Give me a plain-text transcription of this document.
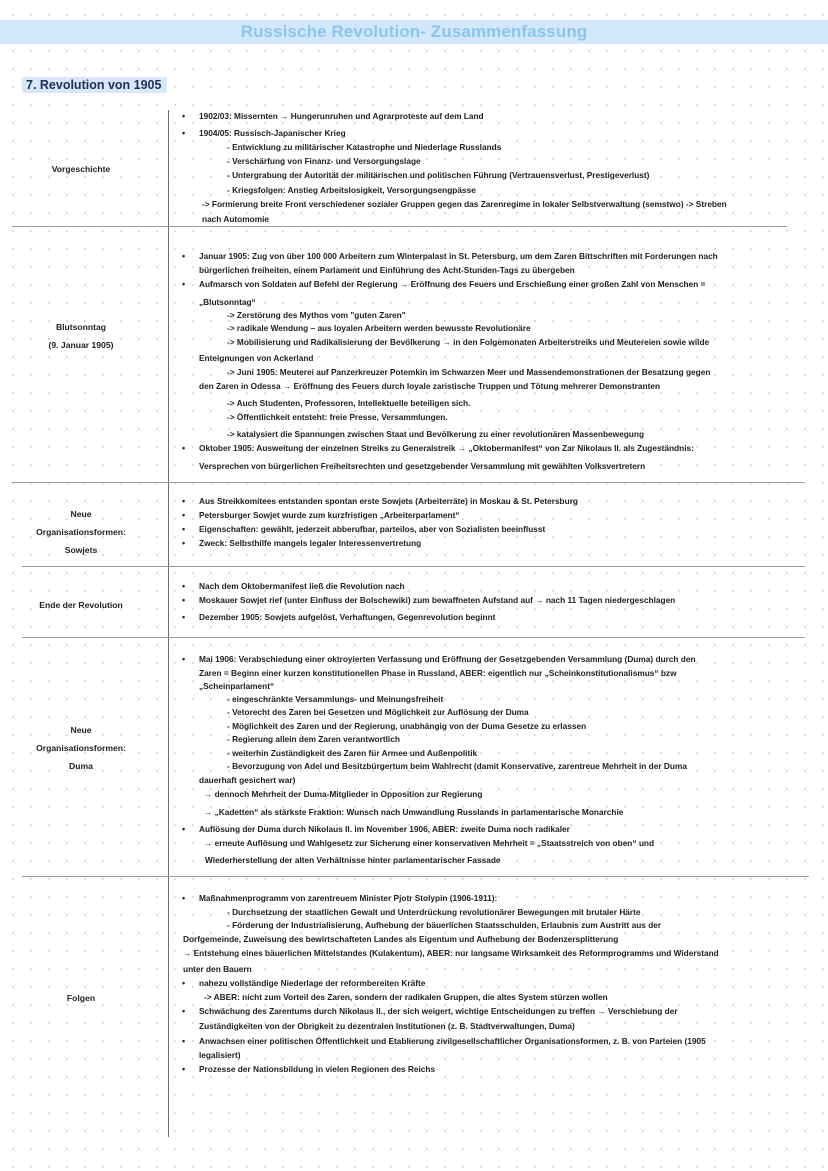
Russische Revolution- Zusammenfassung
7. Revolution von 1905
Vorgeschichte
• 1902/03: Missernten → Hungerunruhen und Agrarproteste auf dem Land
• 1904/05: Russisch-Japanischer Krieg
- Entwicklung zu militärischer Katastrophe und Niederlage Russlands
- Verschärfung von Finanz- und Versorgungslage
- Untergrabung der Autorität der militärischen und politischen Führung (Vertrauensverlust, Prestigeverlust)
- Kriegsfolgen: Anstieg Arbeitslosigkeit, Versorgungsengpässe
-> Formierung breite Front verschiedener sozialer Gruppen gegen das Zarenregime in lokaler Selbstverwaltung (semstwo) -> Streben
nach Automomie
Blutsonntag
(9. Januar 1905)
• Januar 1905: Zug von über 100 000 Arbeitern zum Winterpalast in St. Petersburg, um dem Zaren Bittschriften mit Forderungen nach
bürgerlichen freiheiten, einem Parlament und Einführung des Acht-Stunden-Tags zu übergeben
• Aufmarsch von Soldaten auf Befehl der Regierung → Eröffnung des Feuers und Erschießung einer großen Zahl von Menschen =
„Blutsonntag“
-> Zerstörung des Mythos vom "guten Zaren"
-> radikale Wendung – aus loyalen Arbeitern werden bewusste Revolutionäre
-> Mobilisierung und Radikalisierung der Bevölkerung → in den Folgemonaten Arbeiterstreiks und Meutereien sowie wilde
Enteignungen von Ackerland
-> Juni 1905: Meuterei auf Panzerkreuzer Potemkin im Schwarzen Meer und Massendemonstrationen der Besatzung gegen
den Zaren in Odessa → Eröffnung des Feuers durch loyale zaristische Truppen und Tötung mehrerer Demonstranten
-> Auch Studenten, Professoren, Intellektuelle beteiligen sich.
-> Öffentlichkeit entsteht: freie Presse, Versammlungen.
-> katalysiert die Spannungen zwischen Staat und Bevölkerung zu einer revolutionären Massenbewegung
• Oktober 1905: Ausweitung der einzelnen Streiks zu Generalstreik → „Oktobermanifest“ von Zar Nikolaus II. als Zugeständnis:
Versprechen von bürgerlichen Freiheitsrechten und gesetzgebender Versammlung mit gewählten Volksvertretern
Neue
Organisationsformen:
Sowjets
• Aus Streikkomitees entstanden spontan erste Sowjets (Arbeiterräte) in Moskau & St. Petersburg
• Petersburger Sowjet wurde zum kurzfristigen „Arbeiterparlament“
• Eigenschaften: gewählt, jederzeit abberufbar, parteilos, aber von Sozialisten beeinflusst
• Zweck: Selbsthilfe mangels legaler Interessenvertretung
Ende der Revolution
• Nach dem Oktobermanifest ließ die Revolution nach
• Moskauer Sowjet rief (unter Einfluss der Bolschewiki) zum bewaffneten Aufstand auf → nach 11 Tagen niedergeschlagen
• Dezember 1905: Sowjets aufgelöst, Verhaftungen, Gegenrevolution beginnt
Neue
Organisationsformen:
Duma
• Mai 1906: Verabschiedung einer oktroyierten Verfassung und Eröffnung der Gesetzgebenden Versammlung (Duma) durch den
Zaren = Beginn einer kurzen konstitutionellen Phase in Russland, ABER: eigentlich nur „Scheinkonstitutionalismus“ bzw
„Scheinparlament“
- eingeschränkte Versammlungs- und Meinungsfreiheit
- Vetorecht des Zaren bei Gesetzen und Möglichkeit zur Auflösung der Duma
- Möglichkeit des Zaren und der Regierung, unabhängig von der Duma Gesetze zu erlassen
- Regierung allein dem Zaren verantwortlich
- weiterhin Zuständigkeit des Zaren für Armee und Außenpolitik
- Bevorzugung von Adel und Besitzbürgertum beim Wahlrecht (damit Konservative, zarentreue Mehrheit in der Duma
dauerhaft gesichert war)
→ dennoch Mehrheit der Duma-Mitglieder in Opposition zur Regierung
→ „Kadetten“ als stärkste Fraktion: Wunsch nach Umwandlung Russlands in parlamentarische Monarchie
• Auflösung der Duma durch Nikolaus II. im November 1906, ABER: zweite Duma noch radikaler
→ erneute Auflösung und Wahlgesetz zur Sicherung einer konservativen Mehrheit = „Staatsstreich von oben“ und
Wiederherstellung der alten Verhältnisse hinter parlamentarischer Fassade
Folgen
• Maßnahmenprogramm von zarentreuem Minister Pjotr Stolypin (1906-1911):
- Durchsetzung der staatlichen Gewalt und Unterdrückung revolutionärer Bewegungen mit brutaler Härte
- Förderung der Industrialisierung, Aufhebung der bäuerlichen Staatsschulden, Erlaubnis zum Austritt aus der
Dorfgemeinde, Zuweisung des bewirtschafteten Landes als Eigentum und Aufhebung der Bodenzersplitterung
→ Entstehung eines bäuerlichen Mittelstandes (Kulakentum), ABER: nur langsame Wirksamkeit des Reformprogramms und Widerstand
unter den Bauern
• nahezu vollständige Niederlage der reformbereiten Kräfte
-> ABER: nicht zum Vorteil des Zaren, sondern der radikalen Gruppen, die altes System stürzen wollen
• Schwächung des Zarentums durch Nikolaus II., der sich weigert, wichtige Entscheidungen zu treffen → Verschiebung der
Zuständigkeiten von der Obrigkeit zu dezentralen Institutionen (z. B. Stadtverwaltungen, Duma)
• Anwachsen einer politischen Öffentlichkeit und Etablierung zivilgesellschaftlicher Organisationsformen, z. B. von Parteien (1905
legalisiert)
• Prozesse der Nationsbildung in vielen Regionen des Reichs
